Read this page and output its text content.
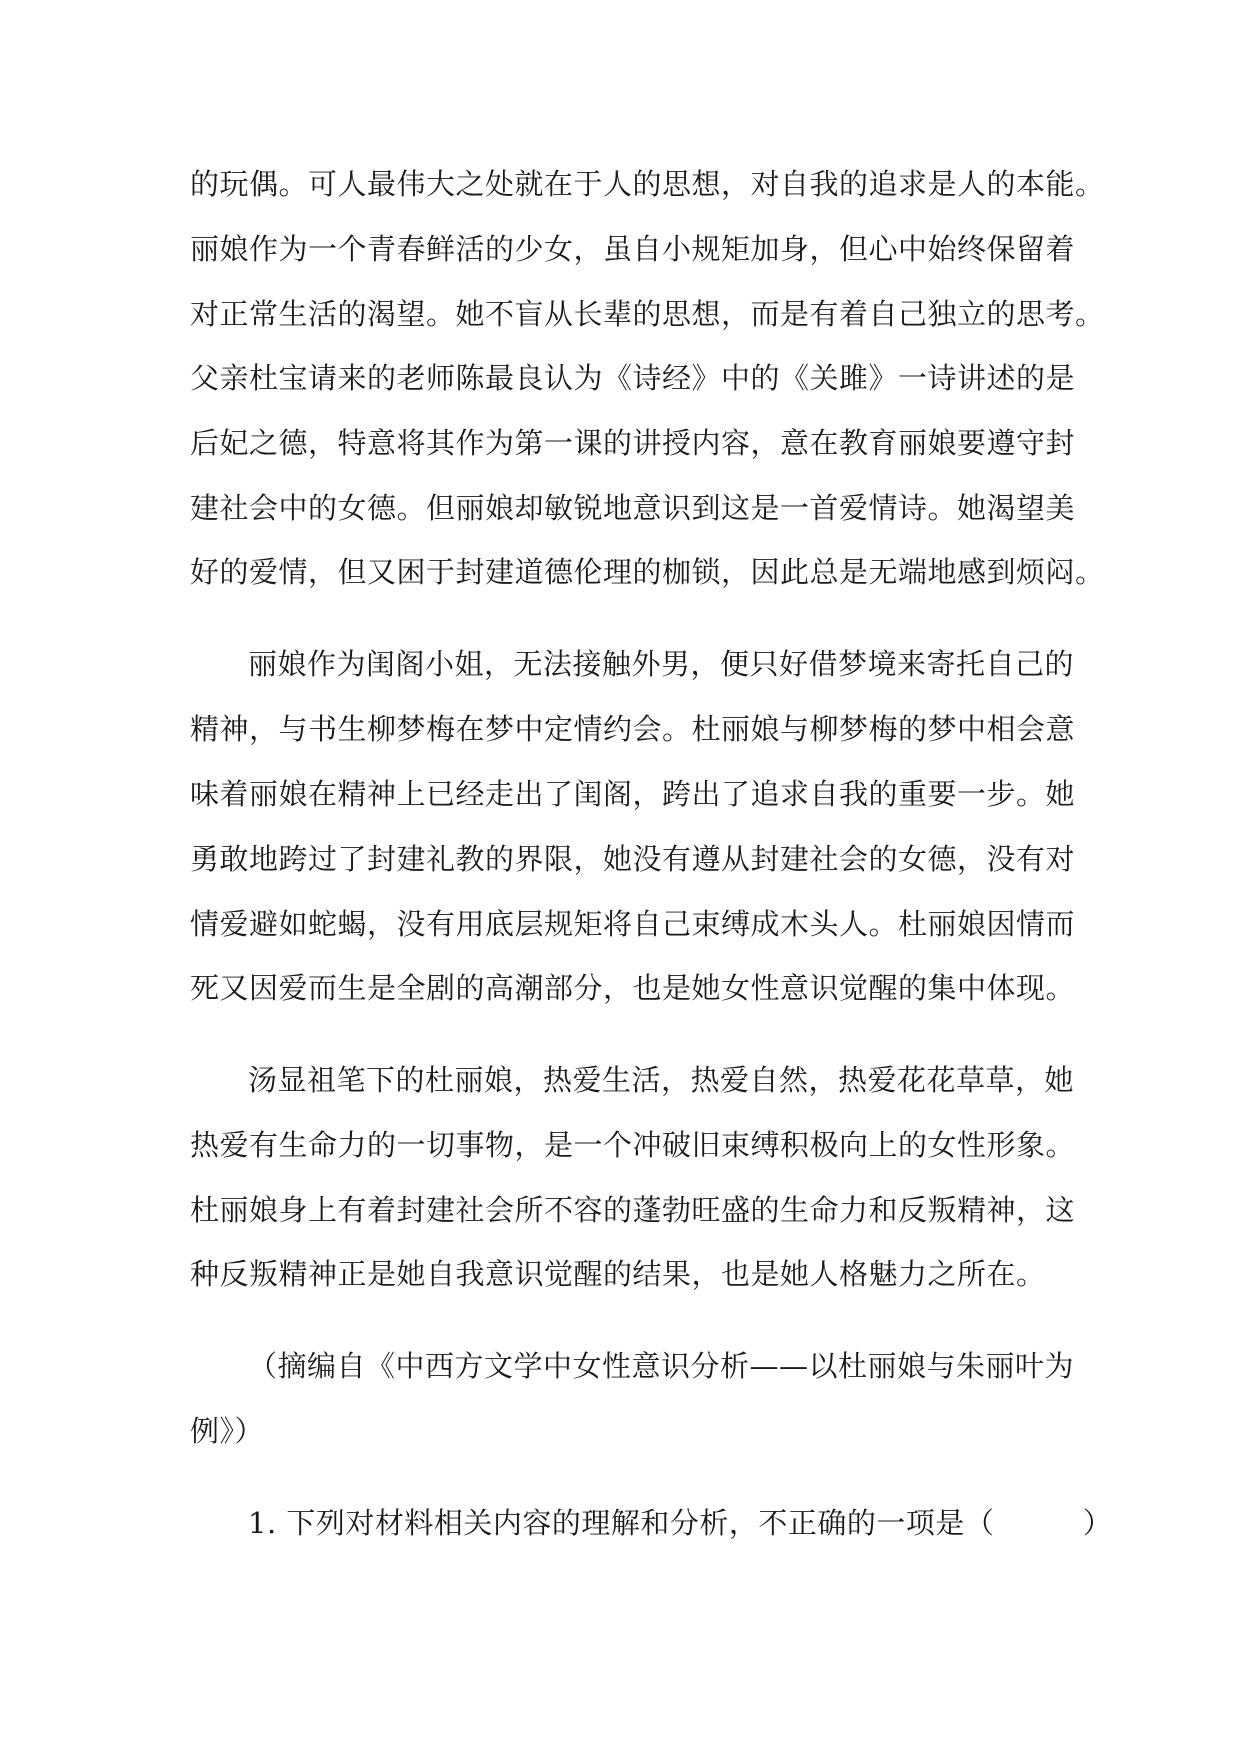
的玩偶。可人最伟大之处就在于人的思想，对自我的追求是人的本能。
丽娘作为一个青春鲜活的少女，虽自小规矩加身，但心中始终保留着
对正常生活的渴望。她不盲从长辈的思想，而是有着自己独立的思考。
父亲杜宝请来的老师陈最良认为《诗经》中的《关雎》一诗讲述的是
后妃之德，特意将其作为第一课的讲授内容，意在教育丽娘要遵守封
建社会中的女德。但丽娘却敏锐地意识到这是一首爱情诗。她渴望美
好的爱情，但又困于封建道德伦理的枷锁，因此总是无端地感到烦闷。
丽娘作为闺阁小姐，无法接触外男，便只好借梦境来寄托自己的
精神，与书生柳梦梅在梦中定情约会。杜丽娘与柳梦梅的梦中相会意
味着丽娘在精神上已经走出了闺阁，跨出了追求自我的重要一步。她
勇敢地跨过了封建礼教的界限，她没有遵从封建社会的女德，没有对
情爱避如蛇蝎，没有用底层规矩将自己束缚成木头人。杜丽娘因情而
死又因爱而生是全剧的高潮部分，也是她女性意识觉醒的集中体现。
汤显祖笔下的杜丽娘，热爱生活，热爱自然，热爱花花草草，她
热爱有生命力的一切事物，是一个冲破旧束缚积极向上的女性形象。
杜丽娘身上有着封建社会所不容的蓬勃旺盛的生命力和反叛精神，这
种反叛精神正是她自我意识觉醒的结果，也是她人格魅力之所在。
（摘编自《中西方文学中女性意识分析——以杜丽娘与朱丽叶为
例》）
1. 下列对材料相关内容的理解和分析，不正确的一项是（　　　）
